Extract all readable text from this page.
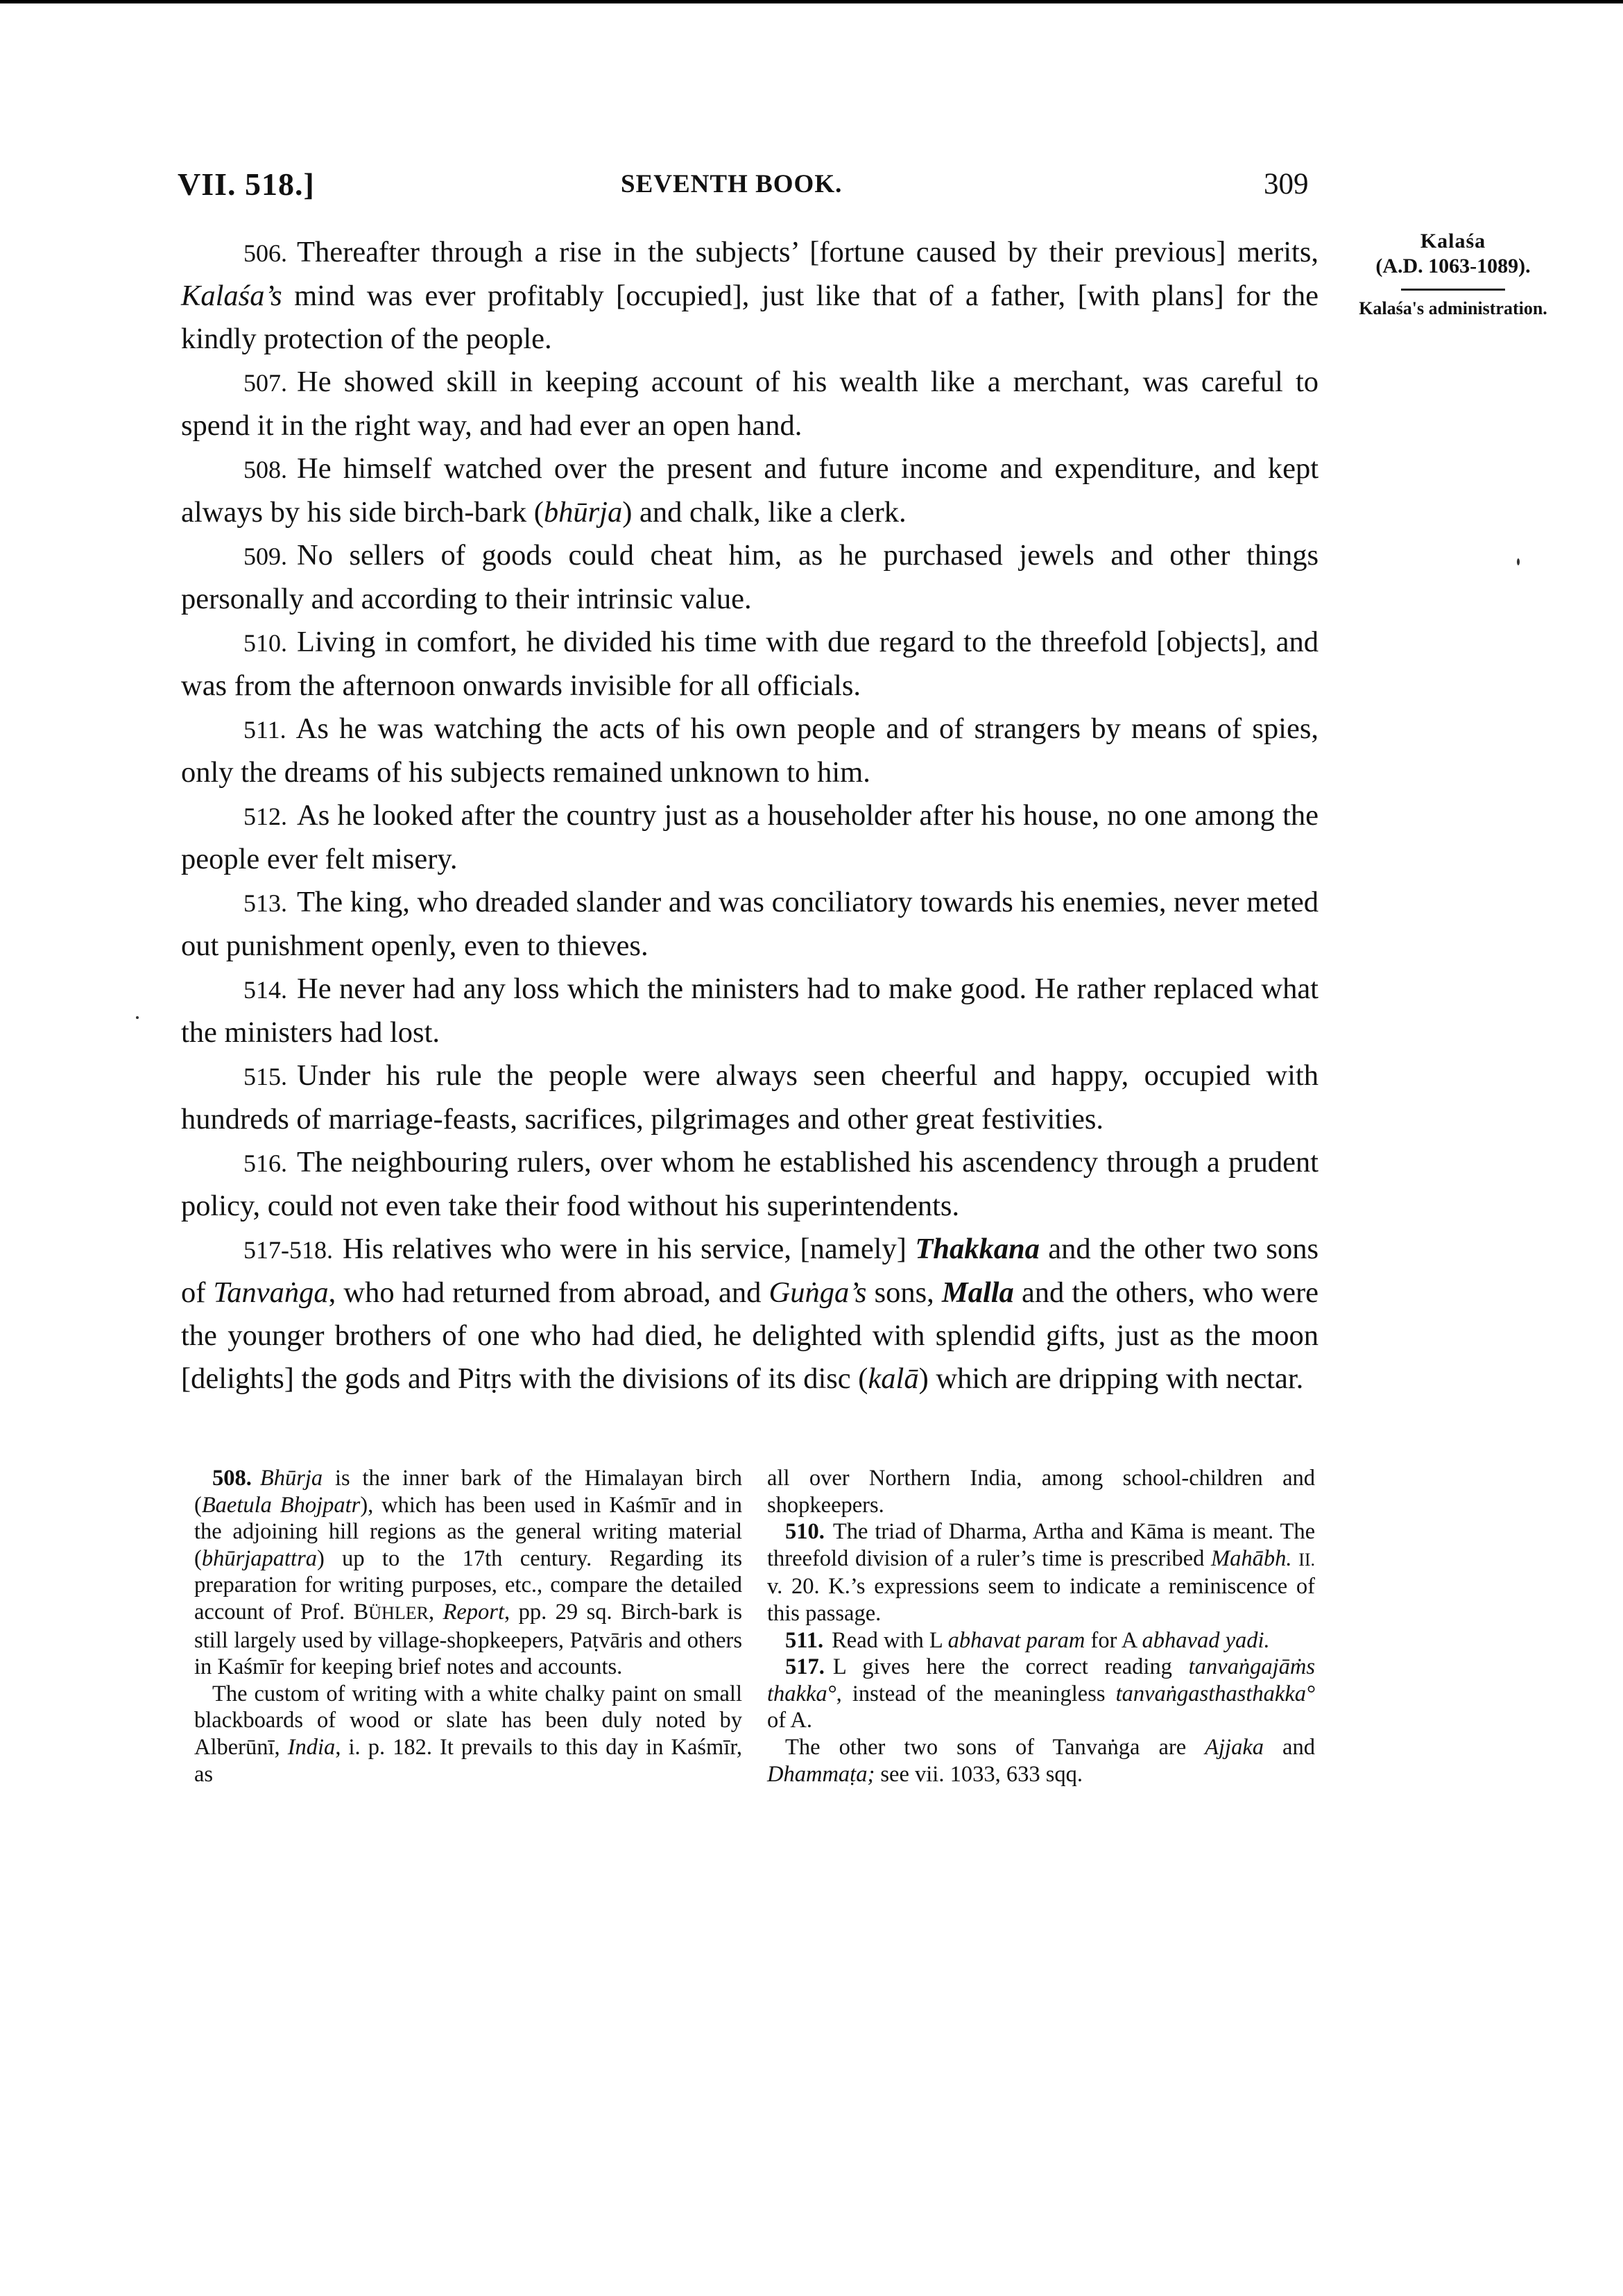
VII. 518.]	SEVENTH BOOK.	309
Kalaśa
(A.D. 1063-1089).
Kalaśa's administration.

506. Thereafter through a rise in the subjects’ [fortune caused by their previous] merits, Kalaśa’s mind was ever profitably [occupied], just like that of a father, [with plans] for the kindly protection of the people.

507. He showed skill in keeping account of his wealth like a merchant, was careful to spend it in the right way, and had ever an open hand.

508. He himself watched over the present and future income and expenditure, and kept always by his side birch-bark (bhūrja) and chalk, like a clerk.

509. No sellers of goods could cheat him, as he purchased jewels and other things personally and according to their intrinsic value.

510. Living in comfort, he divided his time with due regard to the threefold [objects], and was from the afternoon onwards invisible for all officials.

511. As he was watching the acts of his own people and of strangers by means of spies, only the dreams of his subjects remained unknown to him.

512. As he looked after the country just as a householder after his house, no one among the people ever felt misery.

513. The king, who dreaded slander and was conciliatory towards his enemies, never meted out punishment openly, even to thieves.

514. He never had any loss which the ministers had to make good. He rather replaced what the ministers had lost.

515. Under his rule the people were always seen cheerful and happy, occupied with hundreds of marriage-feasts, sacrifices, pilgrimages and other great festivities.

516. The neighbouring rulers, over whom he established his ascendency through a prudent policy, could not even take their food without his superintendents.

517-518. His relatives who were in his service, [namely] Thakkana and the other two sons of Tanvaṅga, who had returned from abroad, and Guṅga’s sons, Malla and the others, who were the younger brothers of one who had died, he delighted with splendid gifts, just as the moon [delights] the gods and Pitṛs with the divisions of its disc (kalā) which are dripping with nectar.

508. Bhūrja is the inner bark of the Himalayan birch (Baetula Bhojpatr), which has been used in Kaśmīr and in the adjoining hill regions as the general writing material (bhūrjapattra) up to the 17th century. Regarding its preparation for writing purposes, etc., compare the detailed account of Prof. BÜHLER, Report, pp. 29 sq. Birch-bark is still largely used by village-shopkeepers, Paṭvāris and others in Kaśmīr for keeping brief notes and accounts.

The custom of writing with a white chalky paint on small blackboards of wood or slate has been duly noted by Alberūnī, India, i. p. 182. It prevails to this day in Kaśmīr, as

all over Northern India, among school-children and shopkeepers.

510. The triad of Dharma, Artha and Kāma is meant. The threefold division of a ruler’s time is prescribed Mahābh. II. v. 20. K.’s expressions seem to indicate a reminiscence of this passage.

511. Read with L abhavat param for A abhavad yadi.

517. L gives here the correct reading tanvaṅgajāṁs thakka°, instead of the meaningless tanvaṅgasthasthakka° of A.

The other two sons of Tanvaṅga are Ajjaka and Dhammaṭa; see vii. 1033, 633 sqq.
